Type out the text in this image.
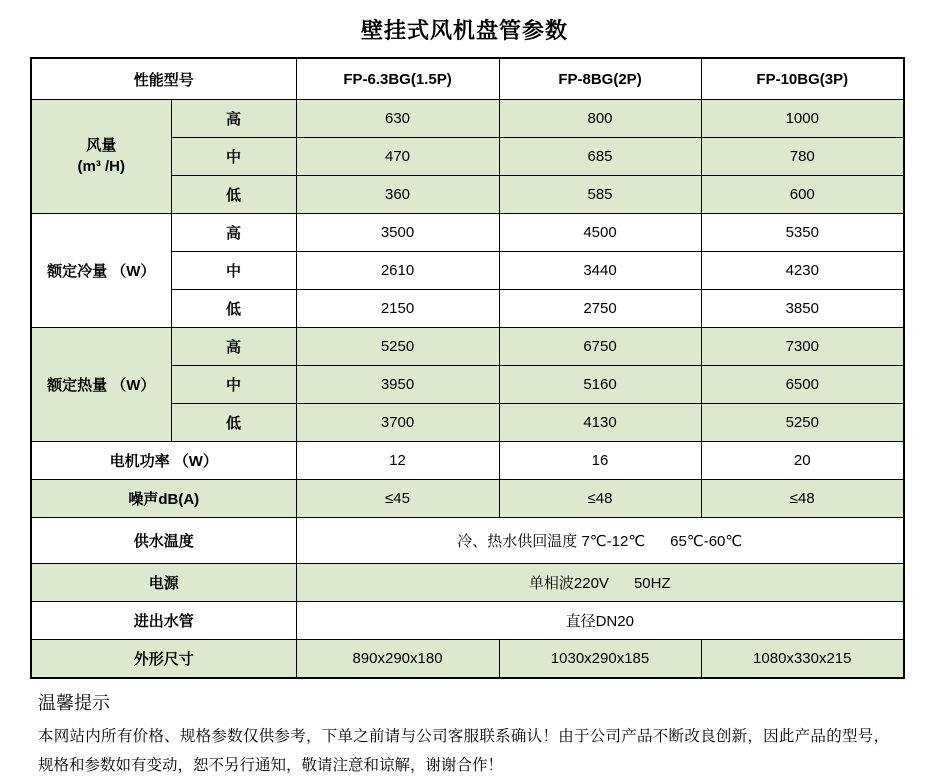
壁挂式风机盘管参数
性能型号		FP-6.3BG(1.5P)	FP-8BG(2P)	FP-10BG(3P)

风量
(m³ /H)	高	630	800	1000
	中	470	685	780
	低	360	585	600
额定冷量 （W）	高	3500	4500	5350
	中	2610	3440	4230
	低	2150	2750	3850
额定热量 （W）	高	5250	6750	7300
	中	3950	5160	6500
	低	3700	4130	5250
电机功率 （W）		12	16	20
噪声dB(A)		≤45	≤48	≤48
供水温度		冷、热水供回温度 7℃-12℃      65℃-60℃		
电源		单相波220V      50HZ		
进出水管		直径DN20		
外形尺寸		890x290x180	1030x290x185	1080x330x215

温馨提示

本网站内所有价格、规格参数仅供参考，下单之前请与公司客服联系确认！由于公司产品不断改良创新，因此产品的型号，规格和参数如有变动，恕不另行通知，敬请注意和谅解，谢谢合作！
